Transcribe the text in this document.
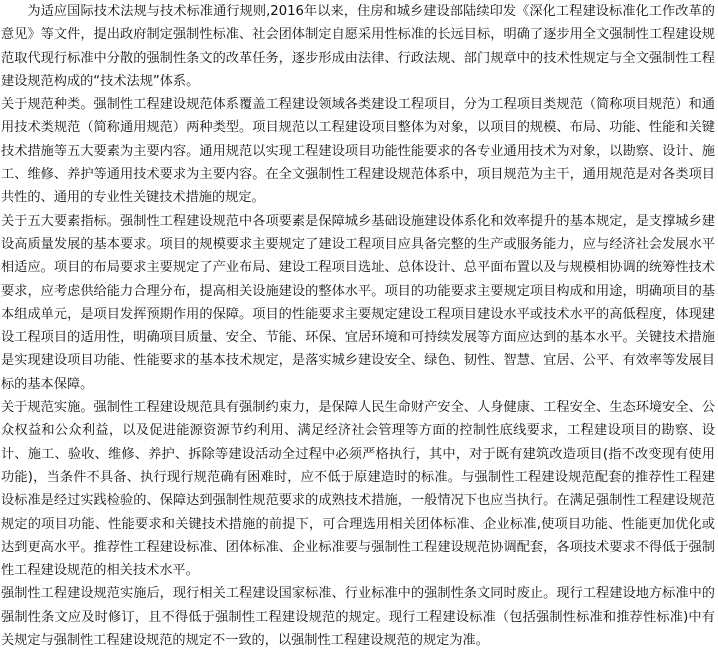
为适应国际技术法规与技术标准通行规则,2016年以来，住房和城乡建设部陆续印发《深化工程建设标准化工作改革的意见》等文件，提出政府制定强制性标准、社会团体制定自愿采用性标准的长远目标，明确了逐步用全文强制性工程建设规范取代现行标准中分散的强制性条文的改革任务，逐步形成由法律、行政法规、部门规章中的技术性规定与全文强制性工程建设规范构成的“技术法规”体系。

关于规范种类。强制性工程建设规范体系覆盖工程建设领域各类建设工程项目，分为工程项目类规范（简称项目规范）和通用技术类规范（简称通用规范）两种类型。项目规范以工程建设项目整体为对象，以项目的规模、布局、功能、性能和关键技术措施等五大要素为主要内容。通用规范以实现工程建设项目功能性能要求的各专业通用技术为对象，以勘察、设计、施工、维修、养护等通用技术要求为主要内容。在全文强制性工程建设规范体系中，项目规范为主干，通用规范是对各类项目共性的、通用的专业性关键技术措施的规定。

关于五大要素指标。强制性工程建设规范中各项要素是保障城乡基础设施建设体系化和效率提升的基本规定，是支撑城乡建设高质量发展的基本要求。项目的规模要求主要规定了建设工程项目应具备完整的生产或服务能力，应与经济社会发展水平相适应。项目的布局要求主要规定了产业布局、建设工程项目选址、总体设计、总平面布置以及与规模相协调的统筹性技术要求，应考虑供给能力合理分布，提高相关设施建设的整体水平。项目的功能要求主要规定项目构成和用途，明确项目的基本组成单元，是项目发挥预期作用的保障。项目的性能要求主要规定建设工程项目建设水平或技术水平的高低程度，体现建设工程项目的适用性，明确项目质量、安全、节能、环保、宜居环境和可持续发展等方面应达到的基本水平。关键技术措施是实现建设项目功能、性能要求的基本技术规定，是落实城乡建设安全、绿色、韧性、智慧、宜居、公平、有效率等发展目标的基本保障。

关于规范实施。强制性工程建设规范具有强制约束力，是保障人民生命财产安全、人身健康、工程安全、生态环境安全、公众权益和公众利益，以及促进能源资源节约利用、满足经济社会管理等方面的控制性底线要求，工程建设项目的勘察、设计、施工、验收、维修、养护、拆除等建设活动全过程中必须严格执行，其中，对于既有建筑改造项目(指不改变现有使用功能)，当条件不具备、执行现行规范确有困难时，应不低于原建造时的标准。与强制性工程建设规范配套的推荐性工程建设标准是经过实践检验的、保障达到强制性规范要求的成熟技术措施，一般情况下也应当执行。在满足强制性工程建设规范规定的项目功能、性能要求和关键技术措施的前提下，可合理选用相关团体标准、企业标准,使项目功能、性能更加优化或达到更高水平。推荐性工程建设标准、团体标准、企业标准要与强制性工程建设规范协调配套，各项技术要求不得低于强制性工程建设规范的相关技术水平。

强制性工程建设规范实施后，现行相关工程建设国家标准、行业标准中的强制性条文同时废止。现行工程建设地方标准中的强制性条文应及时修订，且不得低于强制性工程建设规范的规定。现行工程建设标准（包括强制性标准和推荐性标准)中有关规定与强制性工程建设规范的规定不一致的，以强制性工程建设规范的规定为准。
